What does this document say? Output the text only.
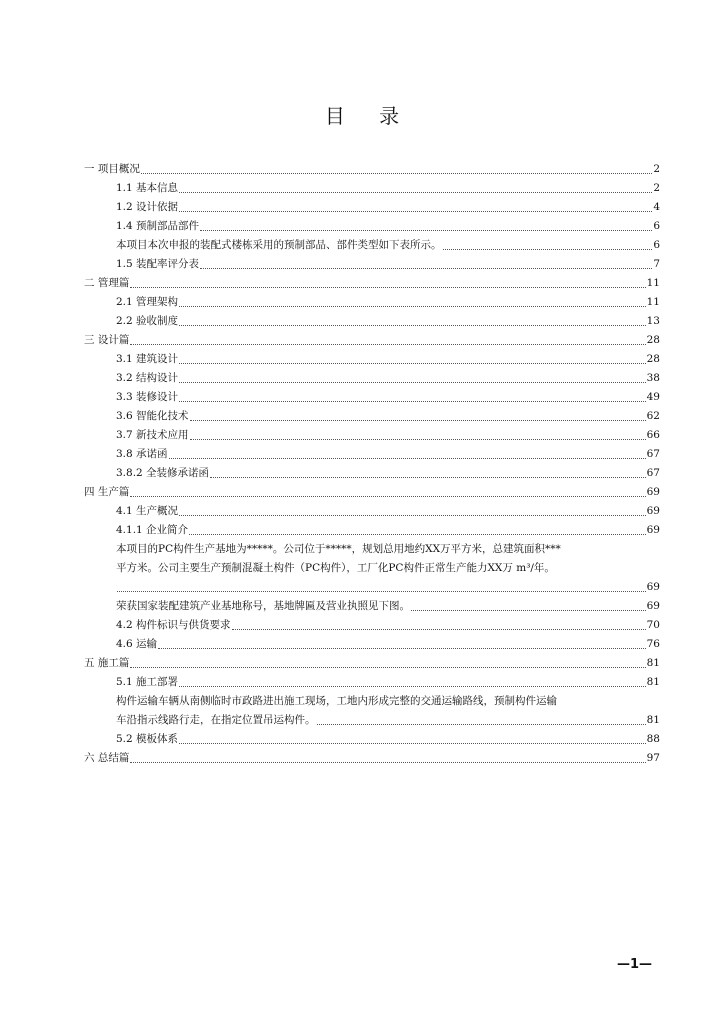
目 录
一 项目概况	2
1.1 基本信息	2
1.2 设计依据	4
1.4 预制部品部件	6
本项目本次申报的装配式楼栋采用的预制部品、部件类型如下表所示。	6
1.5 装配率评分表	7
二 管理篇	11
2.1 管理架构	11
2.2 验收制度	13
三 设计篇	28
3.1 建筑设计	28
3.2 结构设计	38
3.3 装修设计	49
3.6 智能化技术	62
3.7 新技术应用	66
3.8 承诺函	67
3.8.2 全装修承诺函	67
四 生产篇	69
4.1 生产概况	69
4.1.1 企业简介	69
本项目的PC构件生产基地为*****。公司位于*****，规划总用地约XX万平方米，总建筑面积***
平方米。公司主要生产预制混凝土构件（PC构件），工厂化PC构件正常生产能力XX万 m³/年。
69
荣获国家装配建筑产业基地称号，基地牌匾及营业执照见下图。	69
4.2 构件标识与供货要求	70
4.6 运输	76
五 施工篇	81
5.1 施工部署	81
构件运输车辆从南侧临时市政路进出施工现场，工地内形成完整的交通运输路线，预制构件运输
车沿指示线路行走，在指定位置吊运构件。	81
5.2 模板体系	88
六 总结篇	97
—1—
